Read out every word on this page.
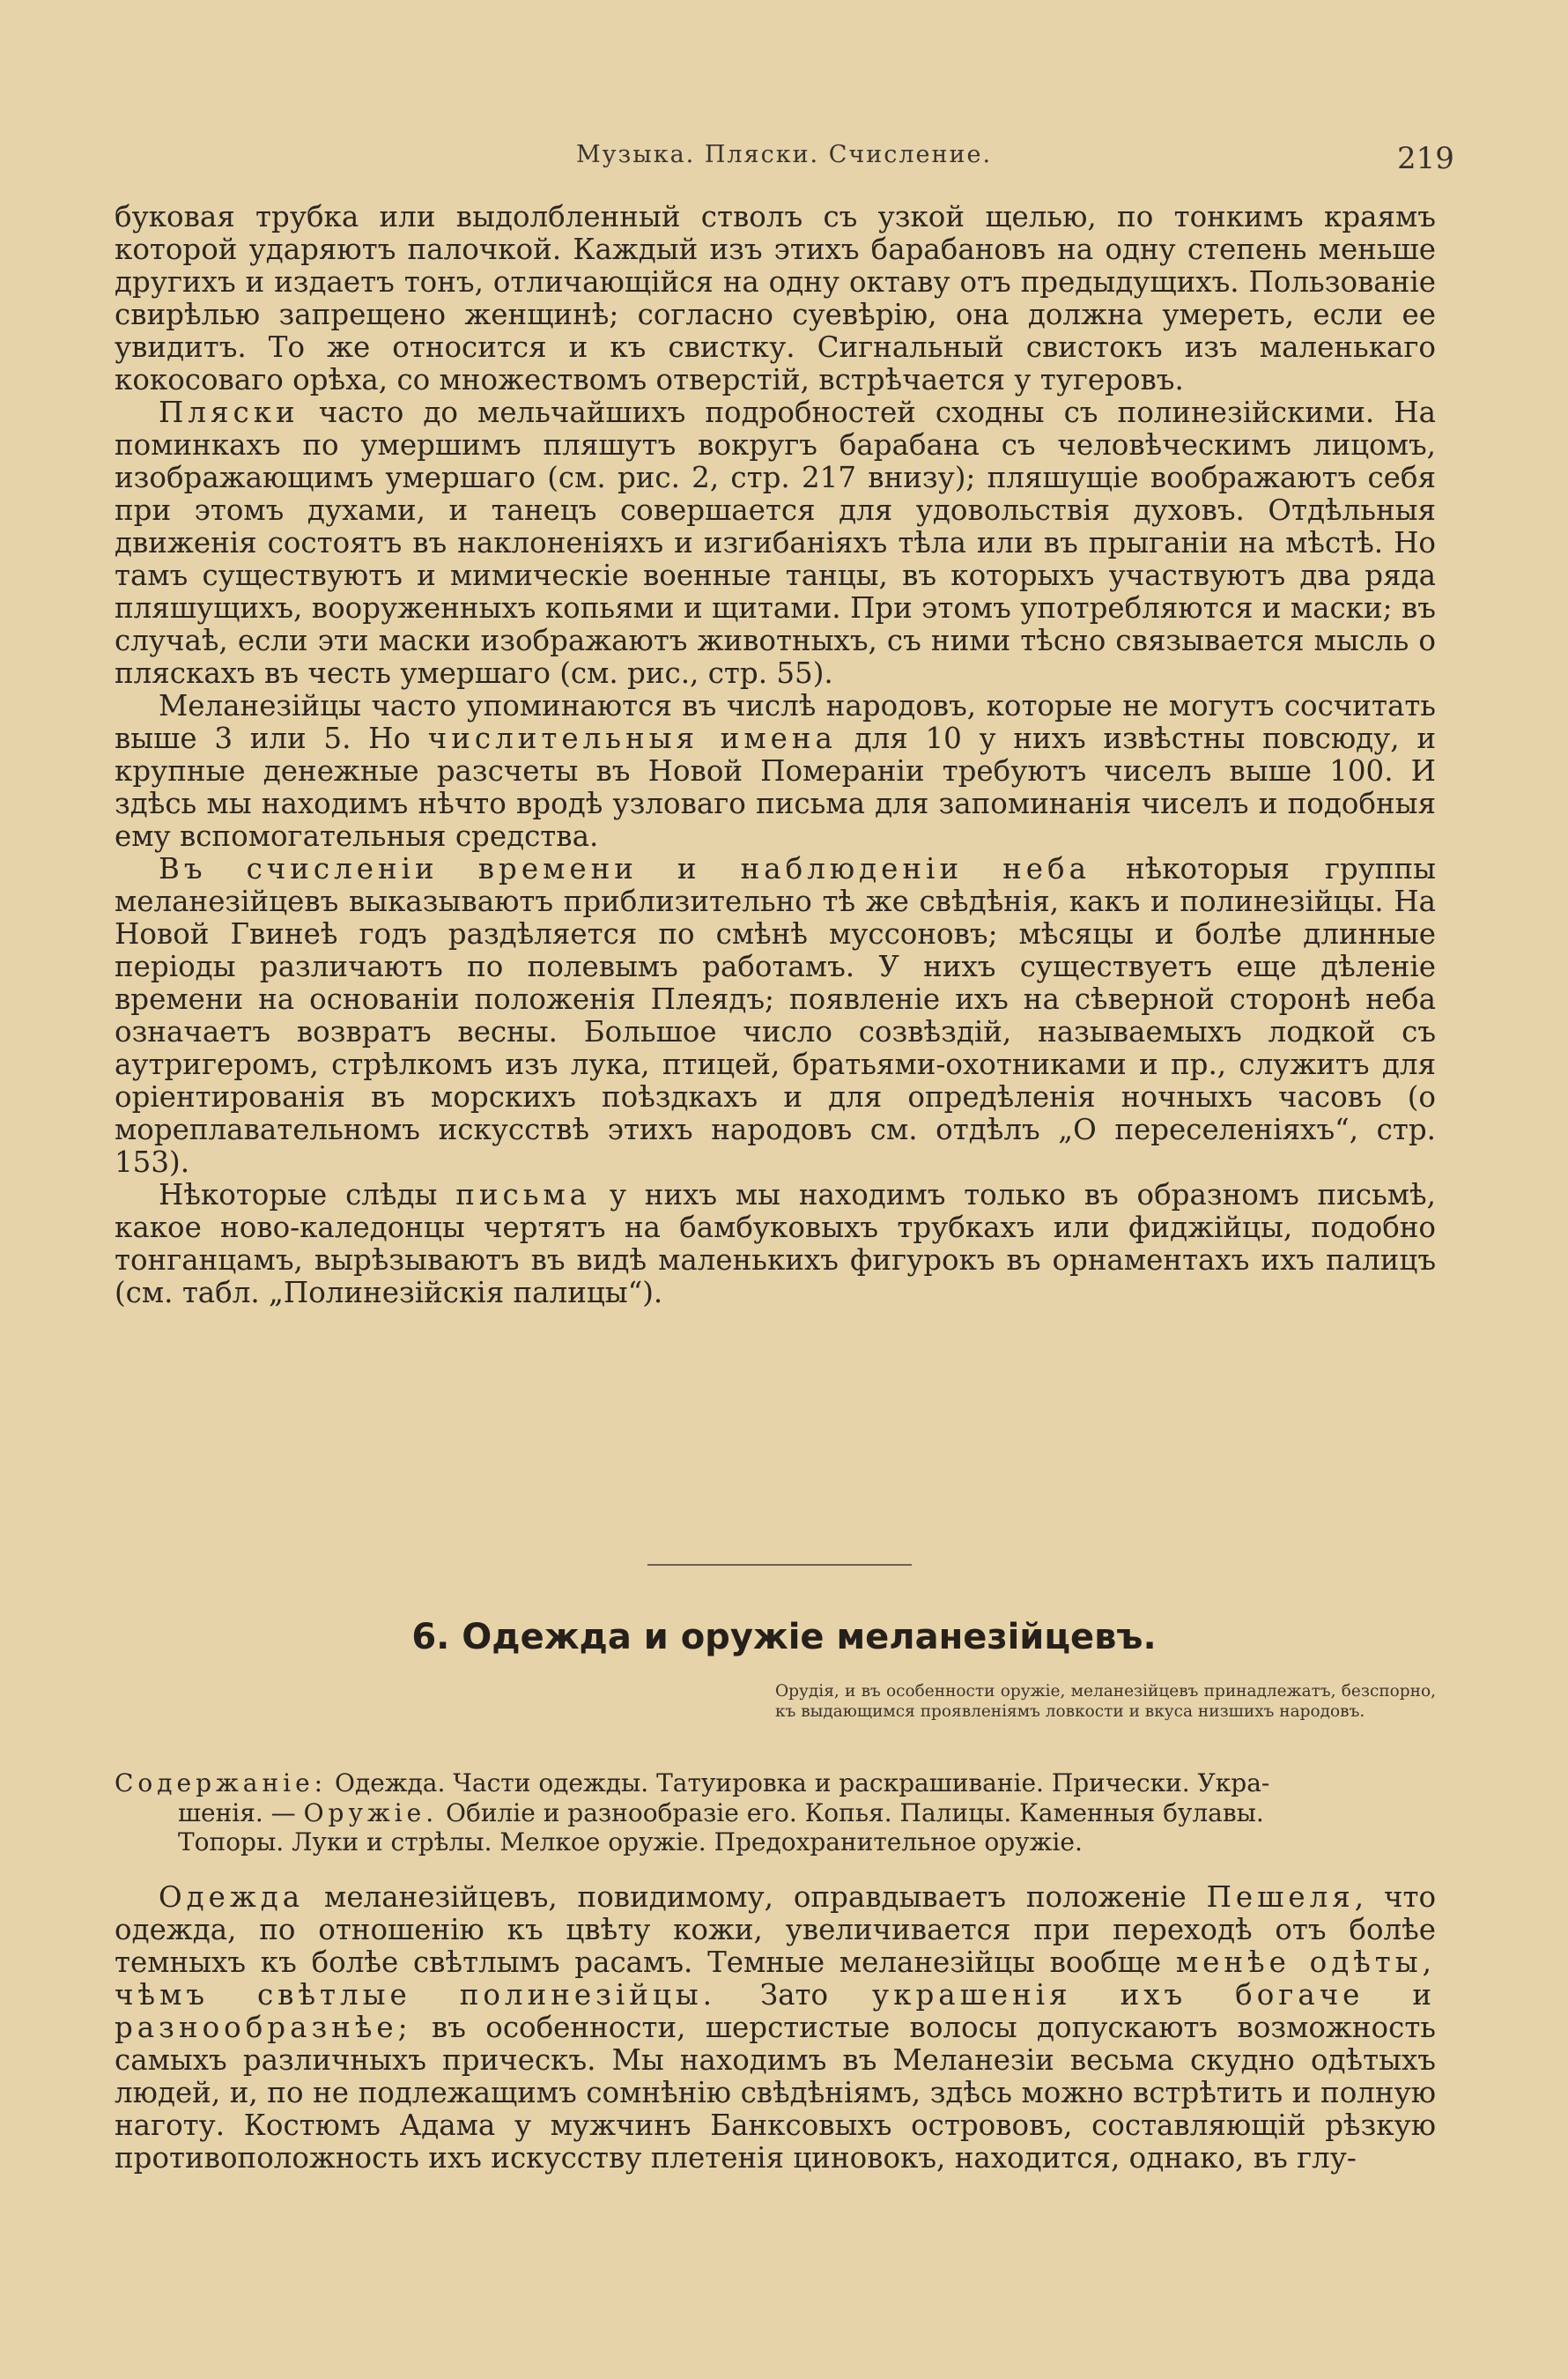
Музыка. Пляски. Счисление.	219

буковая трубка или выдолбленный стволъ съ узкой щелью, по тонкимъ краямъ которой ударяютъ палочкой. Каждый изъ этихъ барабановъ на одну степень меньше другихъ и издаетъ тонъ, отличающійся на одну октаву отъ предыдущихъ. Пользованіе свирѣлью запрещено женщинѣ; согласно суевѣрію, она должна умереть, если ее увидитъ. То же относится и къ свистку. Сигнальный свистокъ изъ маленькаго кокосоваго орѣха, со множествомъ отверстій, встрѣчается у тугеровъ.

Пляски часто до мельчайшихъ подробностей сходны съ полинезійскими. На поминкахъ по умершимъ пляшутъ вокругъ барабана съ человѣческимъ лицомъ, изображающимъ умершаго (см. рис. 2, стр. 217 внизу); пляшущіе воображаютъ себя при этомъ духами, и танецъ совершается для удовольствія духовъ. Отдѣльныя движенія состоятъ въ наклоненіяхъ и изгибаніяхъ тѣла или въ прыганіи на мѣстѣ. Но тамъ существуютъ и мимическіе военные танцы, въ которыхъ участвуютъ два ряда пляшущихъ, вооруженныхъ копьями и щитами. При этомъ употребляются и маски; въ случаѣ, если эти маски изображаютъ животныхъ, съ ними тѣсно связывается мысль о пляскахъ въ честь умершаго (см. рис., стр. 55).

Меланезійцы часто упоминаются въ числѣ народовъ, которые не могутъ сосчитать выше 3 или 5. Но числительныя имена для 10 у нихъ извѣстны повсюду, и крупные денежные разсчеты въ Новой Помераніи требуютъ чиселъ выше 100. И здѣсь мы находимъ нѣчто вродѣ узловаго письма для запоминанія чиселъ и подобныя ему вспомогательныя средства.

Въ счисленіи времени и наблюденіи неба нѣкоторыя группы меланезійцевъ выказываютъ приблизительно тѣ же свѣдѣнія, какъ и полинезійцы. На Новой Гвинеѣ годъ раздѣляется по смѣнѣ муссоновъ; мѣсяцы и болѣе длинные періоды различаютъ по полевымъ работамъ. У нихъ существуетъ еще дѣленіе времени на основаніи положенія Плеядъ; появленіе ихъ на сѣверной сторонѣ неба означаетъ возвратъ весны. Большое число созвѣздій, называемыхъ лодкой съ аутригеромъ, стрѣлкомъ изъ лука, птицей, братьями-охотниками и пр., служитъ для оріентированія въ морскихъ поѣздкахъ и для опредѣленія ночныхъ часовъ (о мореплавательномъ искусствѣ этихъ народовъ см. отдѣлъ „О переселеніяхъ“, стр. 153).

Нѣкоторые слѣды письма у нихъ мы находимъ только въ образномъ письмѣ, какое ново-каледонцы чертятъ на бамбуковыхъ трубкахъ или фиджійцы, подобно тонганцамъ, вырѣзываютъ въ видѣ маленькихъ фигурокъ въ орнаментахъ ихъ палицъ (см. табл. „Полинезійскія палицы“).

6. Одежда и оружіе меланезійцевъ.
Орудія, и въ особенности оружіе, меланезійцевъ принадлежатъ, безспорно, къ выдающимся проявленіямъ ловкости и вкуса низшихъ народовъ.
Содержаніе: Одежда. Части одежды. Татуировка и раскрашиваніе. Прически. Укра-
шенія. — Оружіе. Обиліе и разнообразіе его. Копья. Палицы. Каменныя булавы.
Топоры. Луки и стрѣлы. Мелкое оружіе. Предохранительное оружіе.

Одежда меланезійцевъ, повидимому, оправдываетъ положеніе Пешеля, что одежда, по отношенію къ цвѣту кожи, увеличивается при переходѣ отъ болѣе темныхъ къ болѣе свѣтлымъ расамъ. Темные меланезійцы вообще менѣе одѣты, чѣмъ свѣтлые полинезійцы. Зато украшенія ихъ богаче и разнообразнѣе; въ особенности, шерстистые волосы допускаютъ возможность самыхъ различныхъ прическъ. Мы находимъ въ Меланезіи весьма скудно одѣтыхъ людей, и, по не подлежащимъ сомнѣнію свѣдѣніямъ, здѣсь можно встрѣтить и полную наготу. Костюмъ Адама у мужчинъ Банксовыхъ острововъ, составляющій рѣзкую противоположность ихъ искусству плетенія циновокъ, находится, однако, въ глу-
